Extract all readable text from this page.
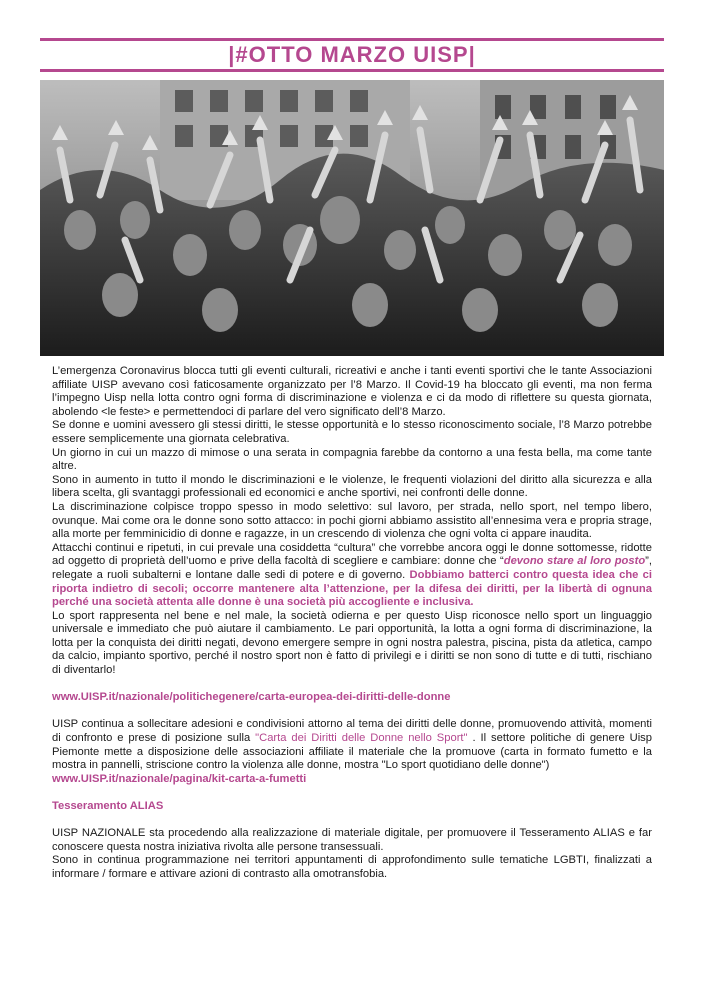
|#OTTO MARZO UISP|

L’emergenza Coronavirus blocca tutti gli eventi culturali, ricreativi e anche i tanti eventi sportivi che le tante Associazioni affiliate UISP avevano così faticosamente organizzato per l’8 Marzo. Il Covid-19 ha bloccato gli eventi, ma non ferma l’impegno Uisp nella lotta contro ogni forma di discriminazione e violenza e ci da modo di riflettere su questa giornata, abolendo <le feste> e permettendoci di parlare del vero significato dell’8 Marzo.

Se donne e uomini avessero gli stessi diritti, le stesse opportunità e lo stesso riconoscimento sociale, l’8 Marzo potrebbe essere semplicemente una giornata celebrativa.

Un giorno in cui un mazzo di mimose o una serata in compagnia farebbe da contorno a una festa bella, ma come tante altre.

Sono in aumento in tutto il mondo le discriminazioni e le violenze, le frequenti violazioni del diritto alla sicurezza e alla libera scelta, gli svantaggi professionali ed economici e anche sportivi, nei confronti delle donne.

La discriminazione colpisce troppo spesso in modo selettivo: sul lavoro, per strada, nello sport, nel tempo libero, ovunque. Mai come ora le donne sono sotto attacco: in pochi giorni abbiamo assistito all’ennesima vera e propria strage, alla morte per femminicidio di donne e ragazze, in un crescendo di violenza che ogni volta ci appare inaudita.

Attacchi continui e ripetuti, in cui prevale una cosiddetta “cultura” che vorrebbe ancora oggi le donne sottomesse, ridotte ad oggetto di proprietà dell’uomo e prive della facoltà di scegliere e cambiare: donne che “devono stare al loro posto”, relegate a ruoli subalterni e lontane dalle sedi di potere e di governo. Dobbiamo batterci contro questa idea che ci riporta indietro di secoli; occorre mantenere alta l’attenzione, per la difesa dei diritti, per la libertà di ognuna perché una società attenta alle donne è una società più accogliente e inclusiva.

Lo sport rappresenta nel bene e nel male, la società odierna e per questo Uisp riconosce nello sport un linguaggio universale e immediato che può aiutare il cambiamento. Le pari opportunità, la lotta a ogni forma di discriminazione, la lotta per la conquista dei diritti negati, devono emergere sempre in ogni nostra palestra, piscina, pista da atletica, campo da calcio, impianto sportivo, perché il nostro sport non è fatto di privilegi e i diritti se non sono di tutte e di tutti, rischiano di diventarlo!

www.UISP.it/nazionale/politichegenere/carta-europea-dei-diritti-delle-donne

UISP continua a sollecitare adesioni e condivisioni attorno al tema dei diritti delle donne, promuovendo attività, momenti di confronto e prese di posizione sulla "Carta dei Diritti delle Donne nello Sport" . Il settore politiche di genere Uisp Piemonte mette a disposizione delle associazioni affiliate il materiale che la promuove (carta in formato fumetto e la mostra in pannelli, striscione contro la violenza alle donne, mostra "Lo sport quotidiano delle donne")

www.UISP.it/nazionale/pagina/kit-carta-a-fumetti

Tesseramento ALIAS

UISP NAZIONALE sta procedendo alla realizzazione di materiale digitale, per promuovere il Tesseramento ALIAS e far conoscere questa nostra iniziativa rivolta alle persone transessuali.

Sono in continua programmazione nei territori appuntamenti di approfondimento sulle tematiche LGBTI, finalizzati a informare / formare e attivare azioni di contrasto alla omotransfobia.
